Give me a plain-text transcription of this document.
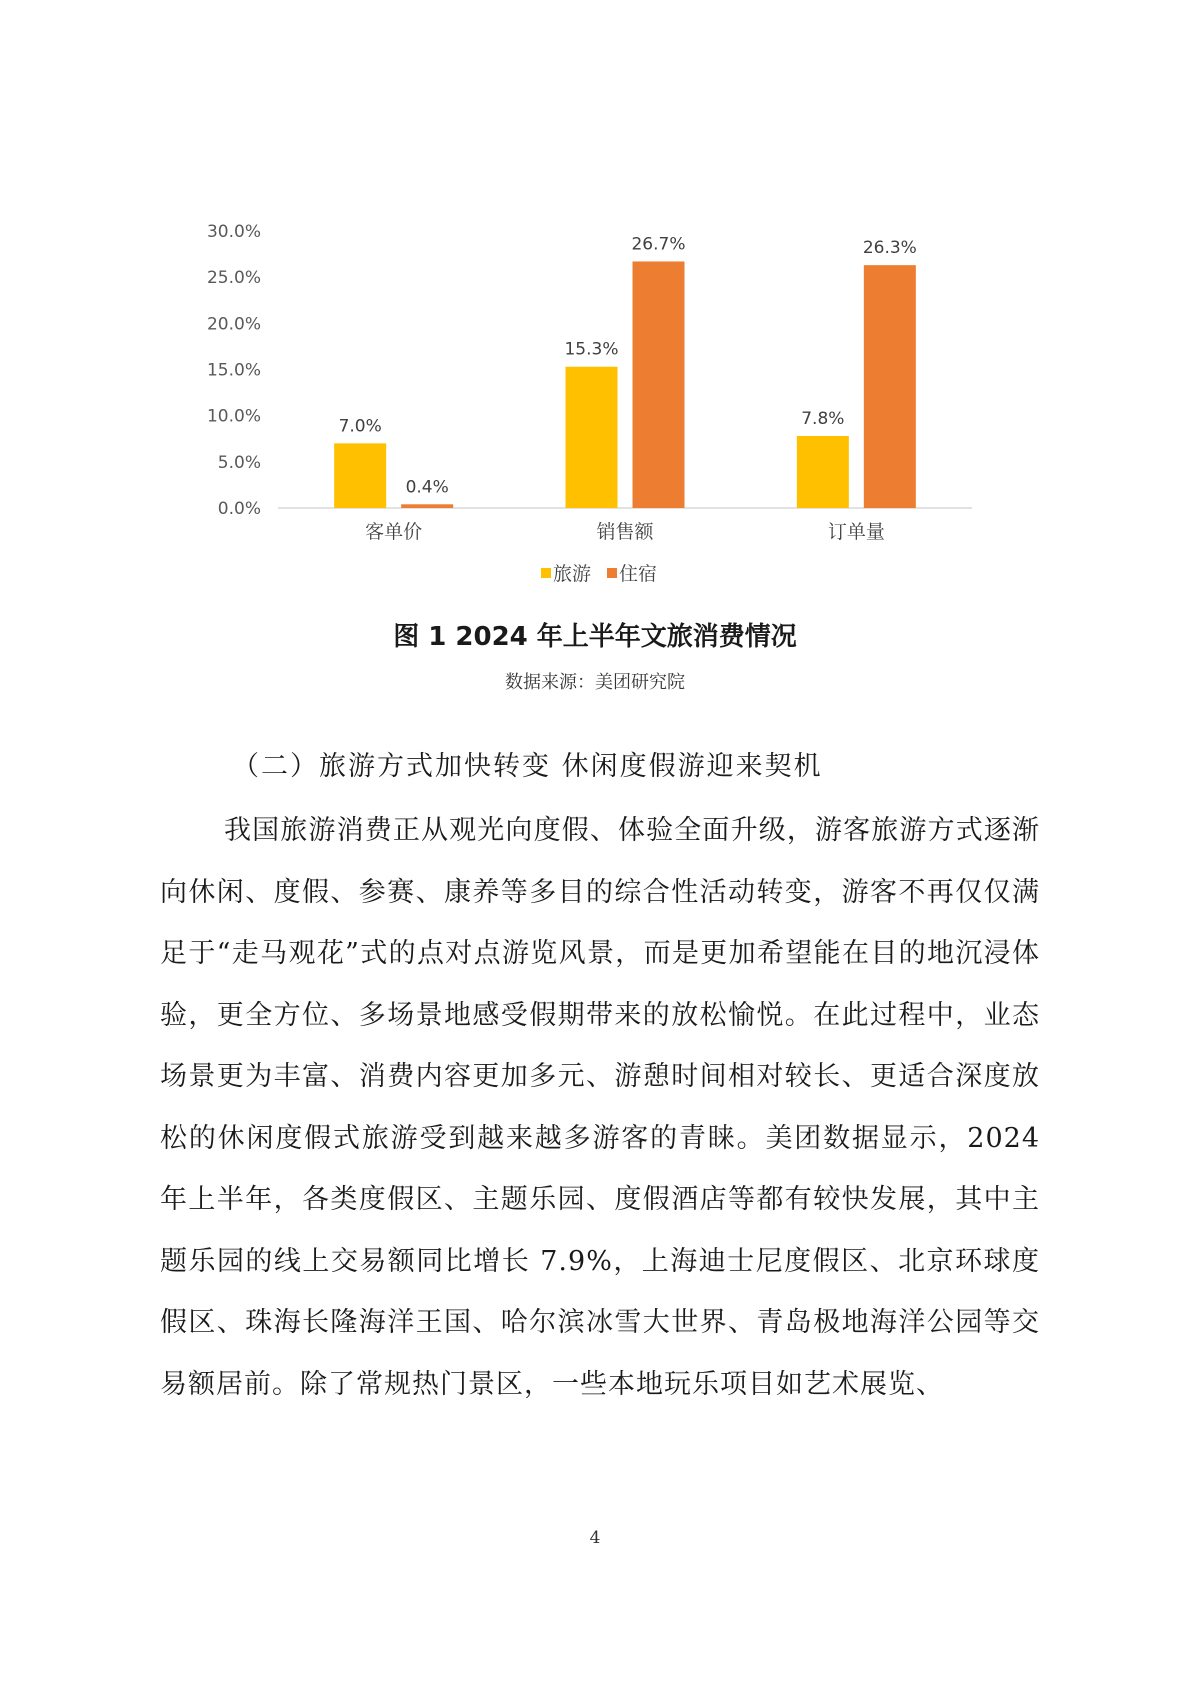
0.0%
5.0%
10.0%
15.0%
20.0%
25.0%
30.0%
7.0%
0.4%
15.3%
26.7%
7.8%
26.3%
客单价	销售额	订单量
旅游 住宿
图 1 2024 年上半年文旅消费情况
数据来源：美团研究院
（二）旅游方式加快转变 休闲度假游迎来契机

我国旅游消费正从观光向度假、体验全面升级，游客旅游方式逐渐向休闲、度假、参赛、康养等多目的综合性活动转变，游客不再仅仅满足于“走马观花”式的点对点游览风景，而是更加希望能在目的地沉浸体验，更全方位、多场景地感受假期带来的放松愉悦。在此过程中，业态场景更为丰富、消费内容更加多元、游憩时间相对较长、更适合深度放松的休闲度假式旅游受到越来越多游客的青睐。美团数据显示，2024 年上半年，各类度假区、主题乐园、度假酒店等都有较快发展，其中主题乐园的线上交易额同比增长 7.9%，上海迪士尼度假区、北京环球度假区、珠海长隆海洋王国、哈尔滨冰雪大世界、青岛极地海洋公园等交易额居前。除了常规热门景区，一些本地玩乐项目如艺术展览、

4
